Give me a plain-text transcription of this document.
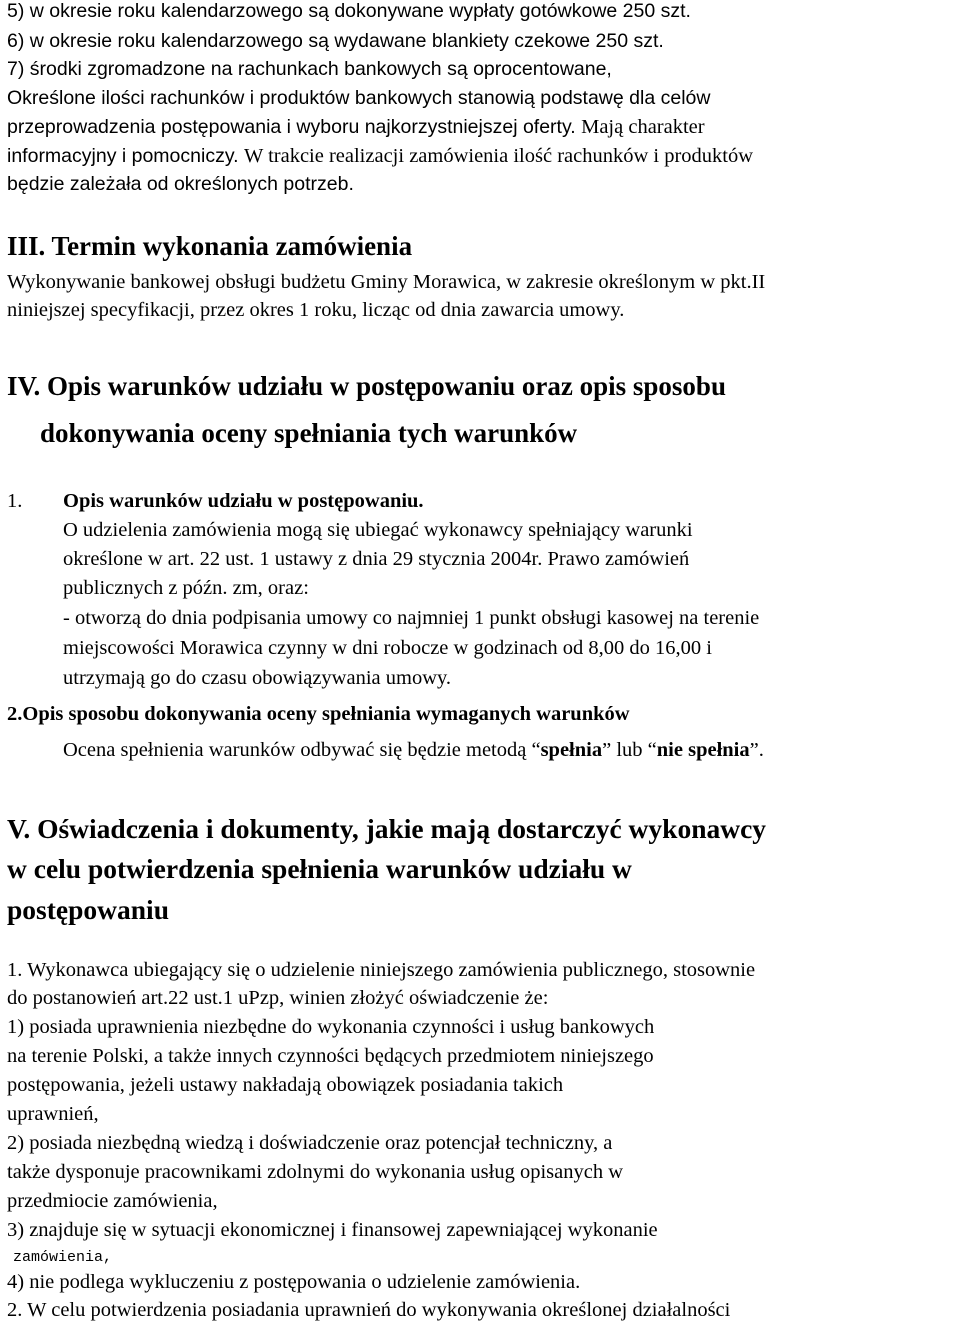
5) w okresie roku kalendarzowego są dokonywane wypłaty gotówkowe 250 szt.

6) w okresie roku kalendarzowego są wydawane blankiety czekowe 250 szt.

7) środki zgromadzone na rachunkach bankowych są oprocentowane,

Określone ilości rachunków i produktów bankowych stanowią podstawę dla celów

przeprowadzenia postępowania i wyboru najkorzystniejszej oferty. Mają charakter

informacyjny i pomocniczy. W trakcie realizacji zamówienia ilość rachunków i produktów

będzie zależała od określonych potrzeb.

III. Termin wykonania zamówienia

Wykonywanie bankowej obsługi budżetu Gminy Morawica, w zakresie określonym w pkt.II

niniejszej specyfikacji, przez okres 1 roku, licząc od dnia zawarcia umowy.

IV. Opis warunków udziału w postępowaniu oraz opis sposobu
dokonywania oceny spełniania tych warunków

1. Opis warunków udziału w postępowaniu.

O udzielenia zamówienia mogą się ubiegać wykonawcy spełniający warunki

określone w art. 22 ust. 1 ustawy z dnia 29 stycznia 2004r. Prawo zamówień

publicznych z późn. zm, oraz:

- otworzą do dnia podpisania umowy co najmniej 1 punkt obsługi kasowej na terenie

miejscowości Morawica czynny w dni robocze w godzinach od 8,00 do 16,00 i

utrzymają go do czasu obowiązywania umowy.

2.Opis sposobu dokonywania oceny spełniania wymaganych warunków

Ocena spełnienia warunków odbywać się będzie metodą “spełnia” lub “nie spełnia”.

V. Oświadczenia i dokumenty, jakie mają dostarczyć wykonawcy
w celu potwierdzenia spełnienia warunków udziału w
postępowaniu

1. Wykonawca ubiegający się o udzielenie niniejszego zamówienia publicznego, stosownie

do postanowień art.22 ust.1 uPzp, winien złożyć oświadczenie że:

1) posiada uprawnienia niezbędne do wykonania czynności i usług bankowych

na terenie Polski, a także innych czynności będących przedmiotem niniejszego

postępowania, jeżeli ustawy nakładają obowiązek posiadania takich

uprawnień,

2) posiada niezbędną wiedzą i doświadczenie oraz potencjał techniczny, a

także dysponuje pracownikami zdolnymi do wykonania usług opisanych w

przedmiocie zamówienia,

3) znajduje się w sytuacji ekonomicznej i finansowej zapewniającej wykonanie

zamówienia,

4) nie podlega wykluczeniu z postępowania o udzielenie zamówienia.

2. W celu potwierdzenia posiadania uprawnień do wykonywania określonej działalności
